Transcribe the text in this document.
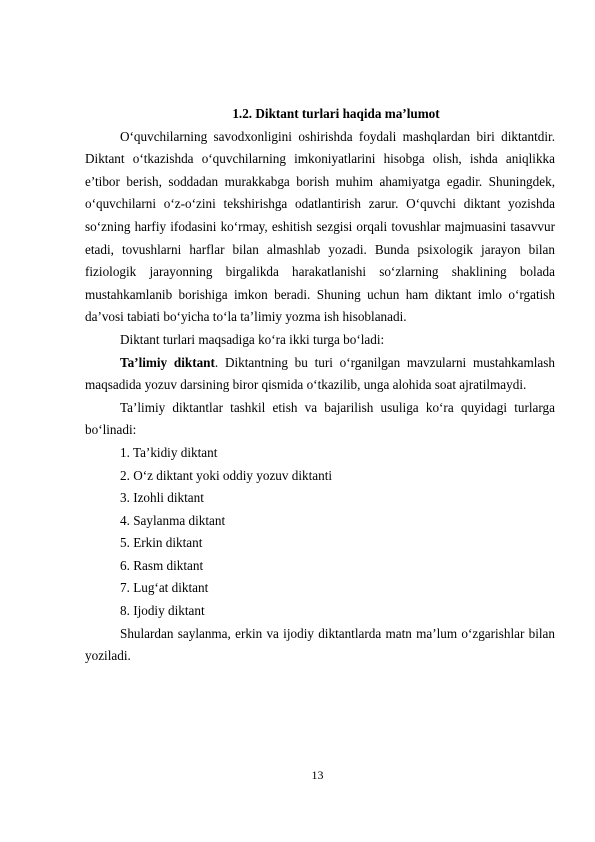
1.2. Diktant turlari haqida ma’lumot

O‘quvchilarning savodxonligini oshirishda foydali mashqlardan biri diktantdir. Diktant o‘tkazishda o‘quvchilarning imkoniyatlarini hisobga olish, ishda aniqlikka e’tibor berish, soddadan murakkabga borish muhim ahamiyatga egadir. Shuningdek, o‘quvchilarni o‘z-o‘zini tekshirishga odatlantirish zarur. O‘quvchi diktant yozishda so‘zning harfiy ifodasini ko‘rmay, eshitish sezgisi orqali tovushlar majmuasini tasavvur etadi, tovushlarni harflar bilan almashlab yozadi. Bunda psixologik jarayon bilan fiziologik jarayonning birgalikda harakatlanishi so‘zlarning shaklining bolada mustahkamlanib borishiga imkon beradi. Shuning uchun ham diktant imlo o‘rgatish da’vosi tabiati bo‘yicha to‘la ta’limiy yozma ish hisoblanadi.

Diktant turlari maqsadiga ko‘ra ikki turga bo‘ladi:

Ta’limiy diktant. Diktantning bu turi o‘rganilgan mavzularni mustahkamlash maqsadida yozuv darsining biror qismida o‘tkazilib, unga alohida soat ajratilmaydi.

Ta’limiy diktantlar tashkil etish va bajarilish usuliga ko‘ra quyidagi turlarga bo‘linadi:

1. Ta’kidiy diktant

2. O‘z diktant yoki oddiy yozuv diktanti

3. Izohli diktant

4. Saylanma diktant

5. Erkin diktant

6. Rasm diktant

7. Lug‘at diktant

8. Ijodiy diktant

Shulardan saylanma, erkin va ijodiy diktantlarda matn ma’lum o‘zgarishlar bilan yoziladi.

13
